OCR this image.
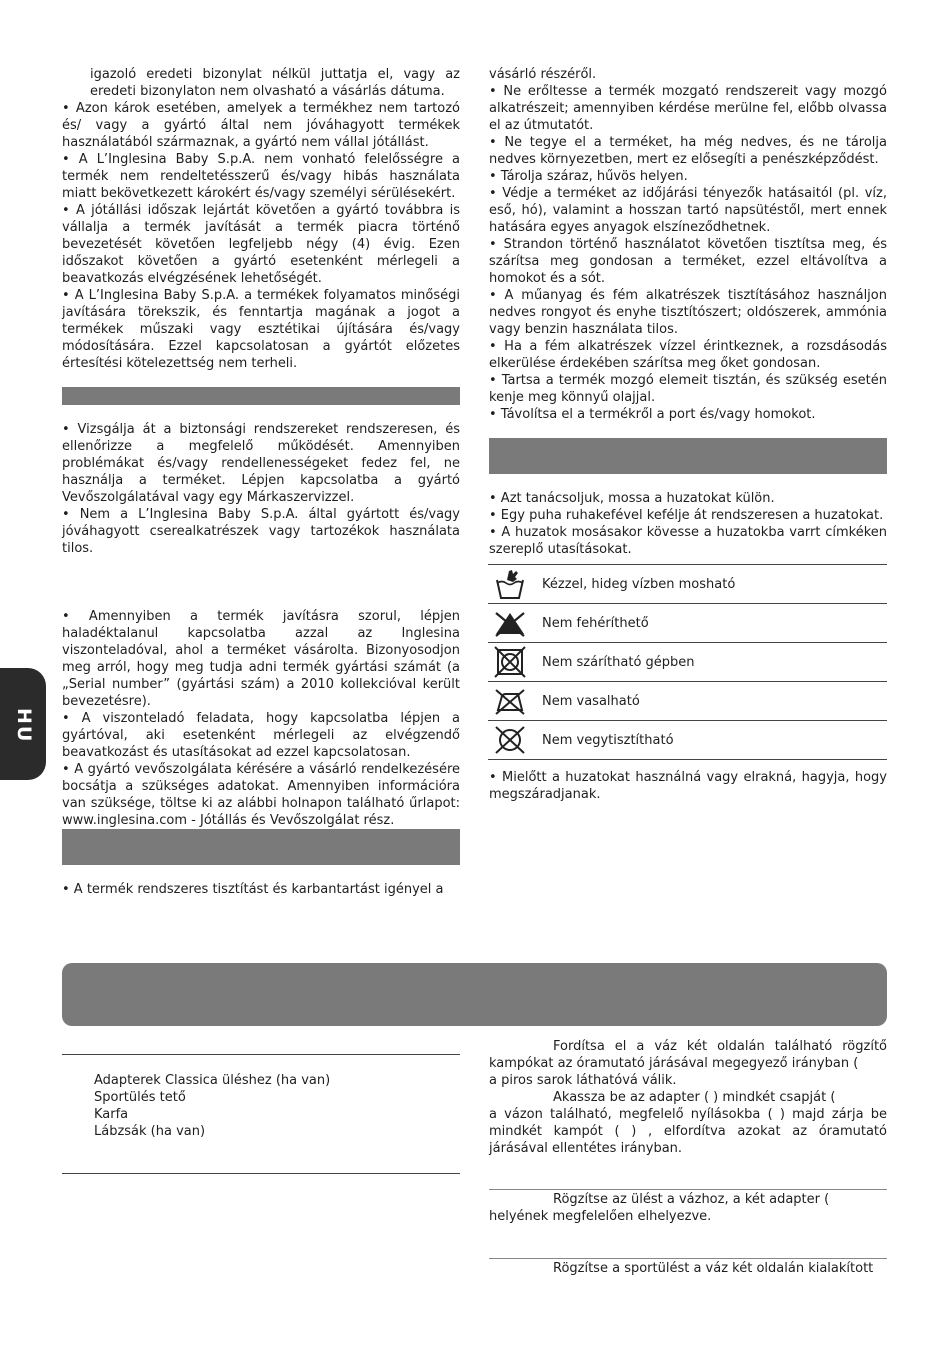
HU

igazoló eredeti bizonylat nélkül juttatja el, vagy az eredeti bizonylaton nem olvasható a vásárlás dátuma.

• Azon károk esetében, amelyek a termékhez nem tartozó és/ vagy a gyártó által nem jóváhagyott termékek használatából származnak, a gyártó nem vállal jótállást.

• A L’Inglesina Baby S.p.A. nem vonható felelősségre a termék nem rendeltetésszerű és/vagy hibás használata miatt bekövetkezett károkért és/vagy személyi sérülésekért.

• A jótállási időszak lejártát követően a gyártó továbbra is vállalja a termék javítását a termék piacra történő bevezetését követően legfeljebb négy (4) évig. Ezen időszakot követően a gyártó esetenként mérlegeli a beavatkozás elvégzésének lehetőségét.

• A L’Inglesina Baby S.p.A. a termékek folyamatos minőségi javítására törekszik, és fenntartja magának a jogot a termékek műszaki vagy esztétikai újítására és/vagy módosítására. Ezzel kapcsolatosan a gyártót előzetes értesítési kötelezettség nem terheli.

• Vizsgálja át a biztonsági rendszereket rendszeresen, és ellenőrizze a megfelelő működését. Amennyiben problémákat és/vagy rendellenességeket fedez fel, ne használja a terméket. Lépjen kapcsolatba a gyártó Vevőszolgálatával vagy egy Márkaszervizzel.

• Nem a L’Inglesina Baby S.p.A. által gyártott és/vagy jóváhagyott cserealkatrészek vagy tartozékok használata tilos.

• Amennyiben a termék javításra szorul, lépjen haladéktalanul kapcsolatba azzal az Inglesina viszonteladóval, ahol a terméket vásárolta. Bizonyosodjon meg arról, hogy meg tudja adni termék gyártási számát (a „Serial number” (gyártási szám) a 2010 kollekcióval került bevezetésre).

• A viszonteladó feladata, hogy kapcsolatba lépjen a gyártóval, aki esetenként mérlegeli az elvégzendő beavatkozást és utasításokat ad ezzel kapcsolatosan.

• A gyártó vevőszolgálata kérésére a vásárló rendelkezésére bocsátja a szükséges adatokat. Amennyiben információra van szüksége, töltse ki az alábbi holnapon található űrlapot: www.inglesina.com - Jótállás és Vevőszolgálat rész.

• A termék rendszeres tisztítást és karbantartást igényel a

vásárló részéről.

• Ne erőltesse a termék mozgató rendszereit vagy mozgó alkatrészeit; amennyiben kérdése merülne fel, előbb olvassa el az útmutatót.

• Ne tegye el a terméket, ha még nedves, és ne tárolja nedves környezetben, mert ez elősegíti a penészképződést.

• Tárolja száraz, hűvös helyen.

• Védje a terméket az időjárási tényezők hatásaitól (pl. víz, eső, hó), valamint a hosszan tartó napsütéstől, mert ennek hatására egyes anyagok elszíneződhetnek.

• Strandon történő használatot követően tisztítsa meg, és szárítsa meg gondosan a terméket, ezzel eltávolítva a homokot és a sót.

• A műanyag és fém alkatrészek tisztításához használjon nedves rongyot és enyhe tisztítószert; oldószerek, ammónia vagy benzin használata tilos.

• Ha a fém alkatrészek vízzel érintkeznek, a rozsdásodás elkerülése érdekében szárítsa meg őket gondosan.

• Tartsa a termék mozgó elemeit tisztán, és szükség esetén kenje meg könnyű olajjal.

• Távolítsa el a termékről a port és/vagy homokot.

• Azt tanácsoljuk, mossa a huzatokat külön.

• Egy puha ruhakefével kefélje át rendszeresen a huzatokat.

• A huzatok mosásakor kövesse a huzatokba varrt címkéken szereplő utasításokat.

Kézzel, hideg vízben mosható
Nem fehéríthető
Nem szárítható gépben
Nem vasalható
Nem vegytisztítható

• Mielőtt a huzatokat használná vagy elrakná, hagyja, hogy megszáradjanak.

Adapterek Classica üléshez (ha van)
Sportülés tető
Karfa
Lábzsák (ha van)

Fordítsa el a váz két oldalán található rögzítő kampókat az óramutató járásával megegyező irányban (

a piros sarok láthatóvá válik.

Akassza be az adapter ( ) mindkét csapját (

a vázon található, megfelelő nyílásokba ( ) majd zárja be mindkét kampót ( ) , elfordítva azokat az óramutató járásával ellentétes irányban.

Rögzítse az ülést a vázhoz, a két adapter (

helyének megfelelően elhelyezve.

Rögzítse a sportülést a váz két oldalán kialakított
